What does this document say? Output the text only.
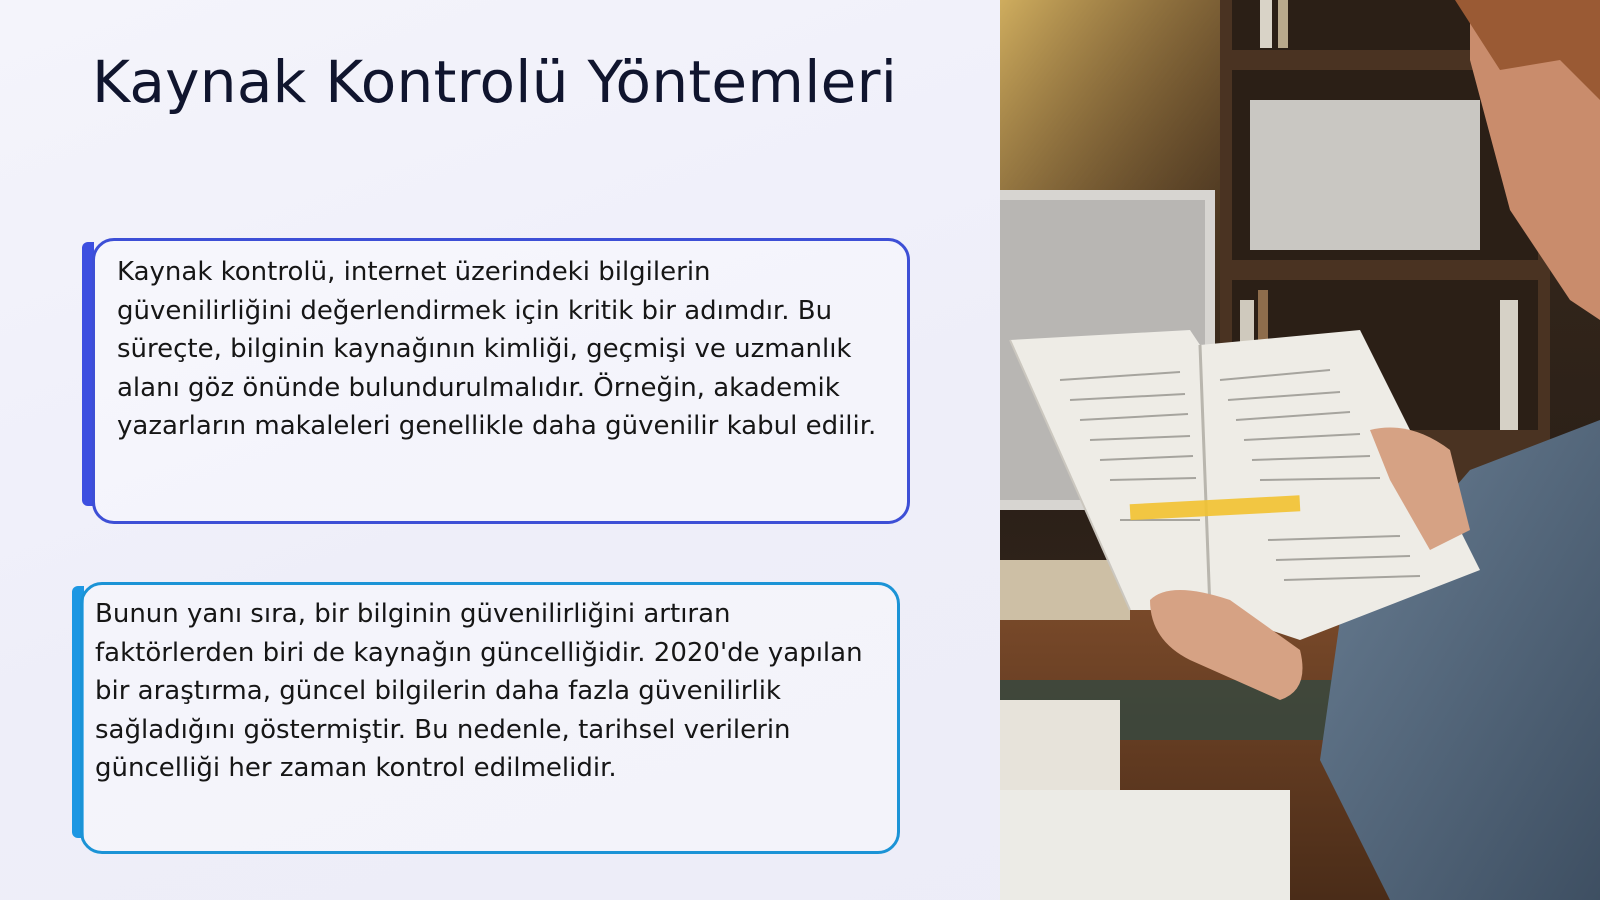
Kaynak Kontrolü Yöntemleri

Kaynak kontrolü, internet üzerindeki bilgilerin güvenilirliğini değerlendirmek için kritik bir adımdır. Bu süreçte, bilginin kaynağının kimliği, geçmişi ve uzmanlık alanı göz önünde bulundurulmalıdır. Örneğin, akademik yazarların makaleleri genellikle daha güvenilir kabul edilir.

Bunun yanı sıra, bir bilginin güvenilirliğini artıran faktörlerden biri de kaynağın güncelliğidir. 2020'de yapılan bir araştırma, güncel bilgilerin daha fazla güvenilirlik sağladığını göstermiştir. Bu nedenle, tarihsel verilerin güncelliği her zaman kontrol edilmelidir.
